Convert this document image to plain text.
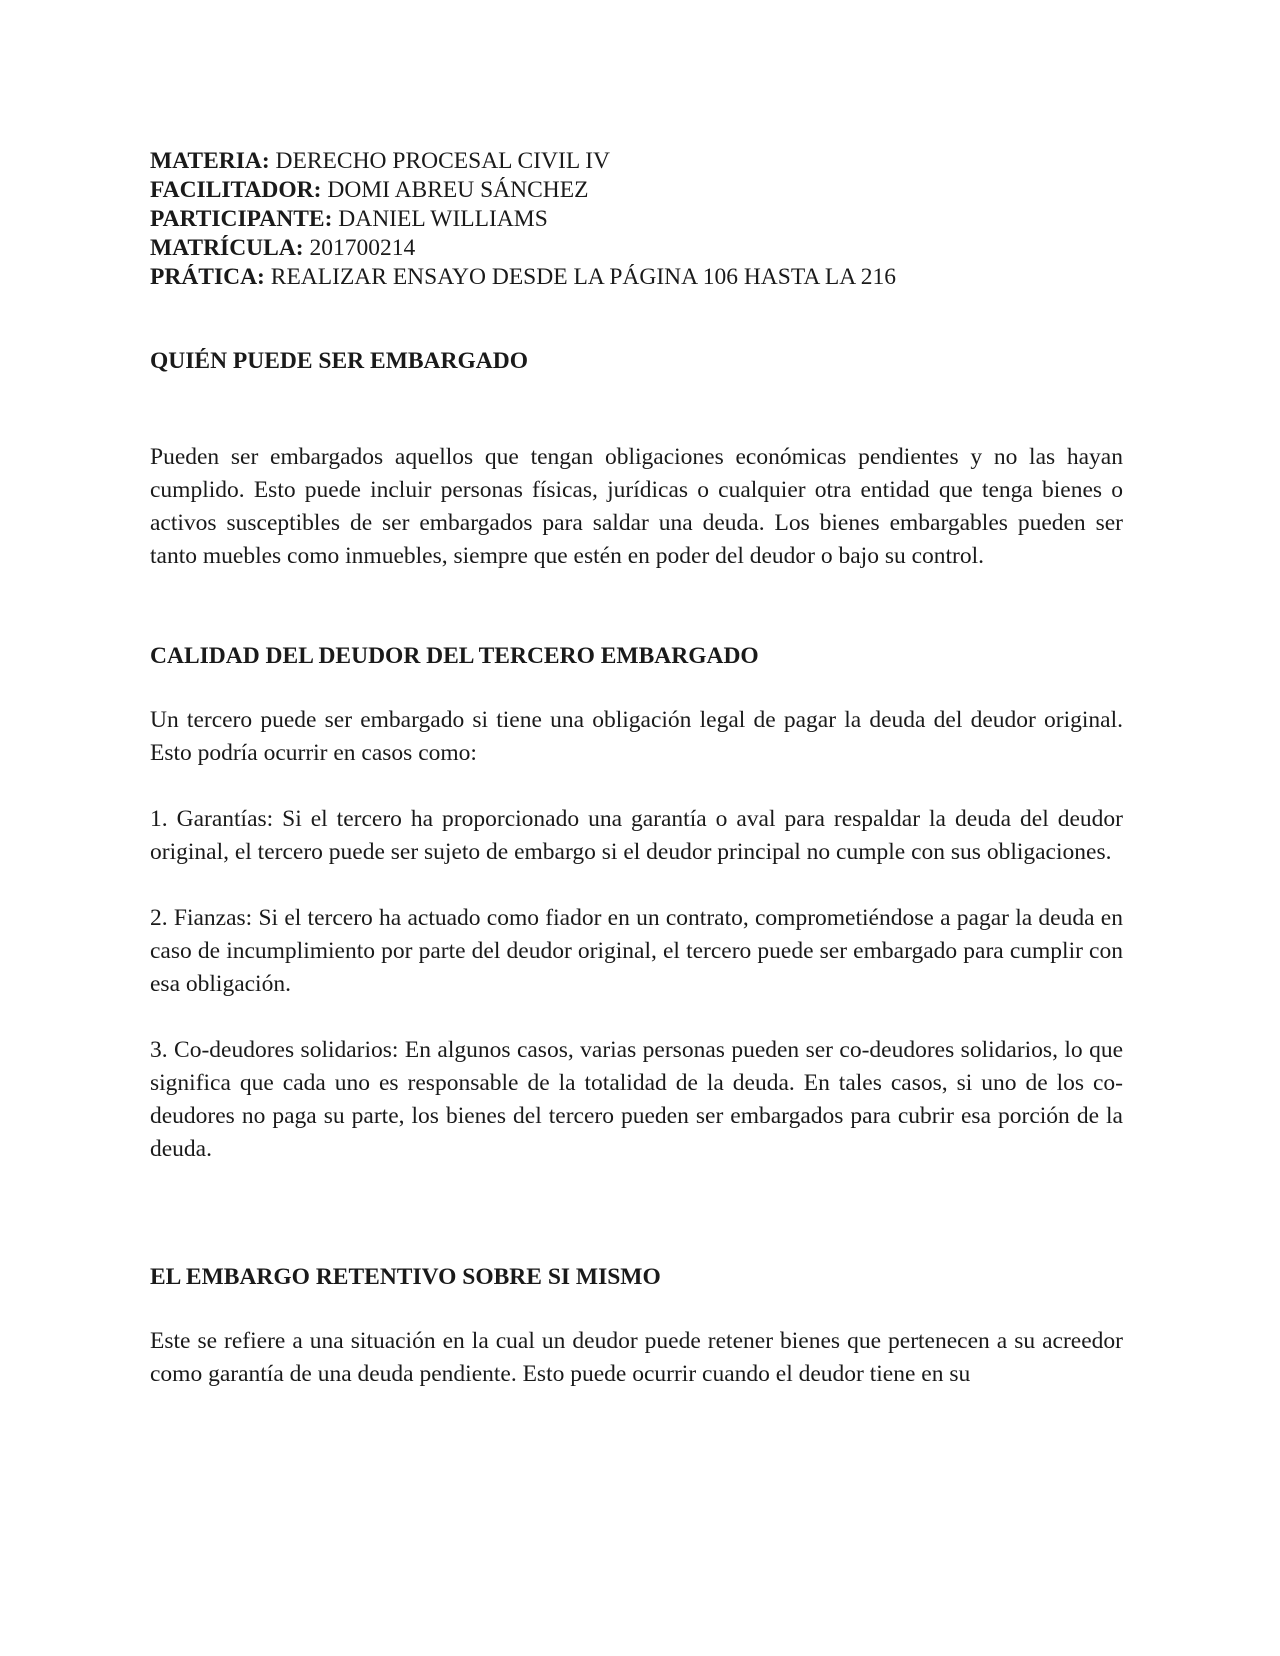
MATERIA: DERECHO PROCESAL CIVIL IV

FACILITADOR: DOMI ABREU SÁNCHEZ

PARTICIPANTE: DANIEL WILLIAMS

MATRÍCULA: 201700214

PRÁTICA: REALIZAR ENSAYO DESDE LA PÁGINA 106 HASTA LA 216

QUIÉN PUEDE SER EMBARGADO

Pueden ser embargados aquellos que tengan obligaciones económicas pendientes y no las hayan cumplido. Esto puede incluir personas físicas, jurídicas o cualquier otra entidad que tenga bienes o activos susceptibles de ser embargados para saldar una deuda. Los bienes embargables pueden ser tanto muebles como inmuebles, siempre que estén en poder del deudor o bajo su control.

CALIDAD DEL DEUDOR DEL TERCERO EMBARGADO

Un tercero puede ser embargado si tiene una obligación legal de pagar la deuda del deudor original. Esto podría ocurrir en casos como:

1. Garantías: Si el tercero ha proporcionado una garantía o aval para respaldar la deuda del deudor original, el tercero puede ser sujeto de embargo si el deudor principal no cumple con sus obligaciones.

2. Fianzas: Si el tercero ha actuado como fiador en un contrato, comprometiéndose a pagar la deuda en caso de incumplimiento por parte del deudor original, el tercero puede ser embargado para cumplir con esa obligación.

3. Co-deudores solidarios: En algunos casos, varias personas pueden ser co-deudores solidarios, lo que significa que cada uno es responsable de la totalidad de la deuda. En tales casos, si uno de los co-deudores no paga su parte, los bienes del tercero pueden ser embargados para cubrir esa porción de la deuda.

EL EMBARGO RETENTIVO SOBRE SI MISMO

Este se refiere a una situación en la cual un deudor puede retener bienes que pertenecen a su acreedor como garantía de una deuda pendiente. Esto puede ocurrir cuando el deudor tiene en su
